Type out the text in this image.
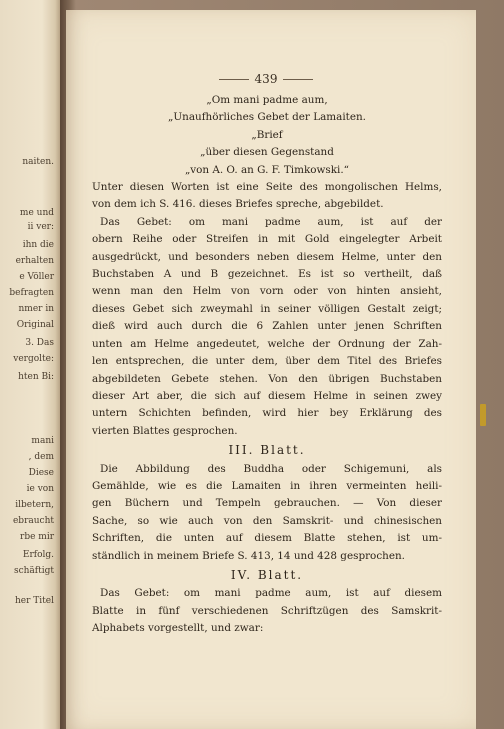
naiten.
me und
ii ver:
ihn die
erhalten
e Völler
befragten
nmer in
Original
3. Das
vergolte:
hten Bi:
mani
, dem
Diese
ie von
ilbetern,
ebraucht
rbe mir
Erfolg.
schäftigt
her Titel
439
„Om mani padme aum,
„Unaufhörliches Gebet der Lamaiten.
„Brief
„über diesen Gegenstand
„von A. O. an G. F. Timkowski.“
Unter diesen Worten ist eine Seite des mongolischen Helms,
von dem ich S. 416. dieses Briefes spreche, abgebildet.
Das Gebet: om mani padme aum, ist auf der
obern Reihe oder Streifen in mit Gold eingelegter Arbeit
ausgedrückt, und besonders neben diesem Helme, unter den
Buchstaben A und B gezeichnet. Es ist so vertheilt, daß
wenn man den Helm von vorn oder von hinten ansieht,
dieses Gebet sich zweymahl in seiner völligen Gestalt zeigt;
dieß wird auch durch die 6 Zahlen unter jenen Schriften
unten am Helme angedeutet, welche der Ordnung der Zah-
len entsprechen, die unter dem, über dem Titel des Briefes
abgebildeten Gebete stehen. Von den übrigen Buchstaben
dieser Art aber, die sich auf diesem Helme in seinen zwey
untern Schichten befinden, wird hier bey Erklärung des
vierten Blattes gesprochen.
III. Blatt.
Die Abbildung des Buddha oder Schigemuni, als
Gemählde, wie es die Lamaiten in ihren vermeinten heili-
gen Büchern und Tempeln gebrauchen. — Von dieser
Sache, so wie auch von den Samskrit- und chinesischen
Schriften, die unten auf diesem Blatte stehen, ist um-
ständlich in meinem Briefe S. 413, 14 und 428 gesprochen.
IV. Blatt.
Das Gebet: om mani padme aum, ist auf diesem
Blatte in fünf verschiedenen Schriftzügen des Samskrit-
Alphabets vorgestellt, und zwar:
